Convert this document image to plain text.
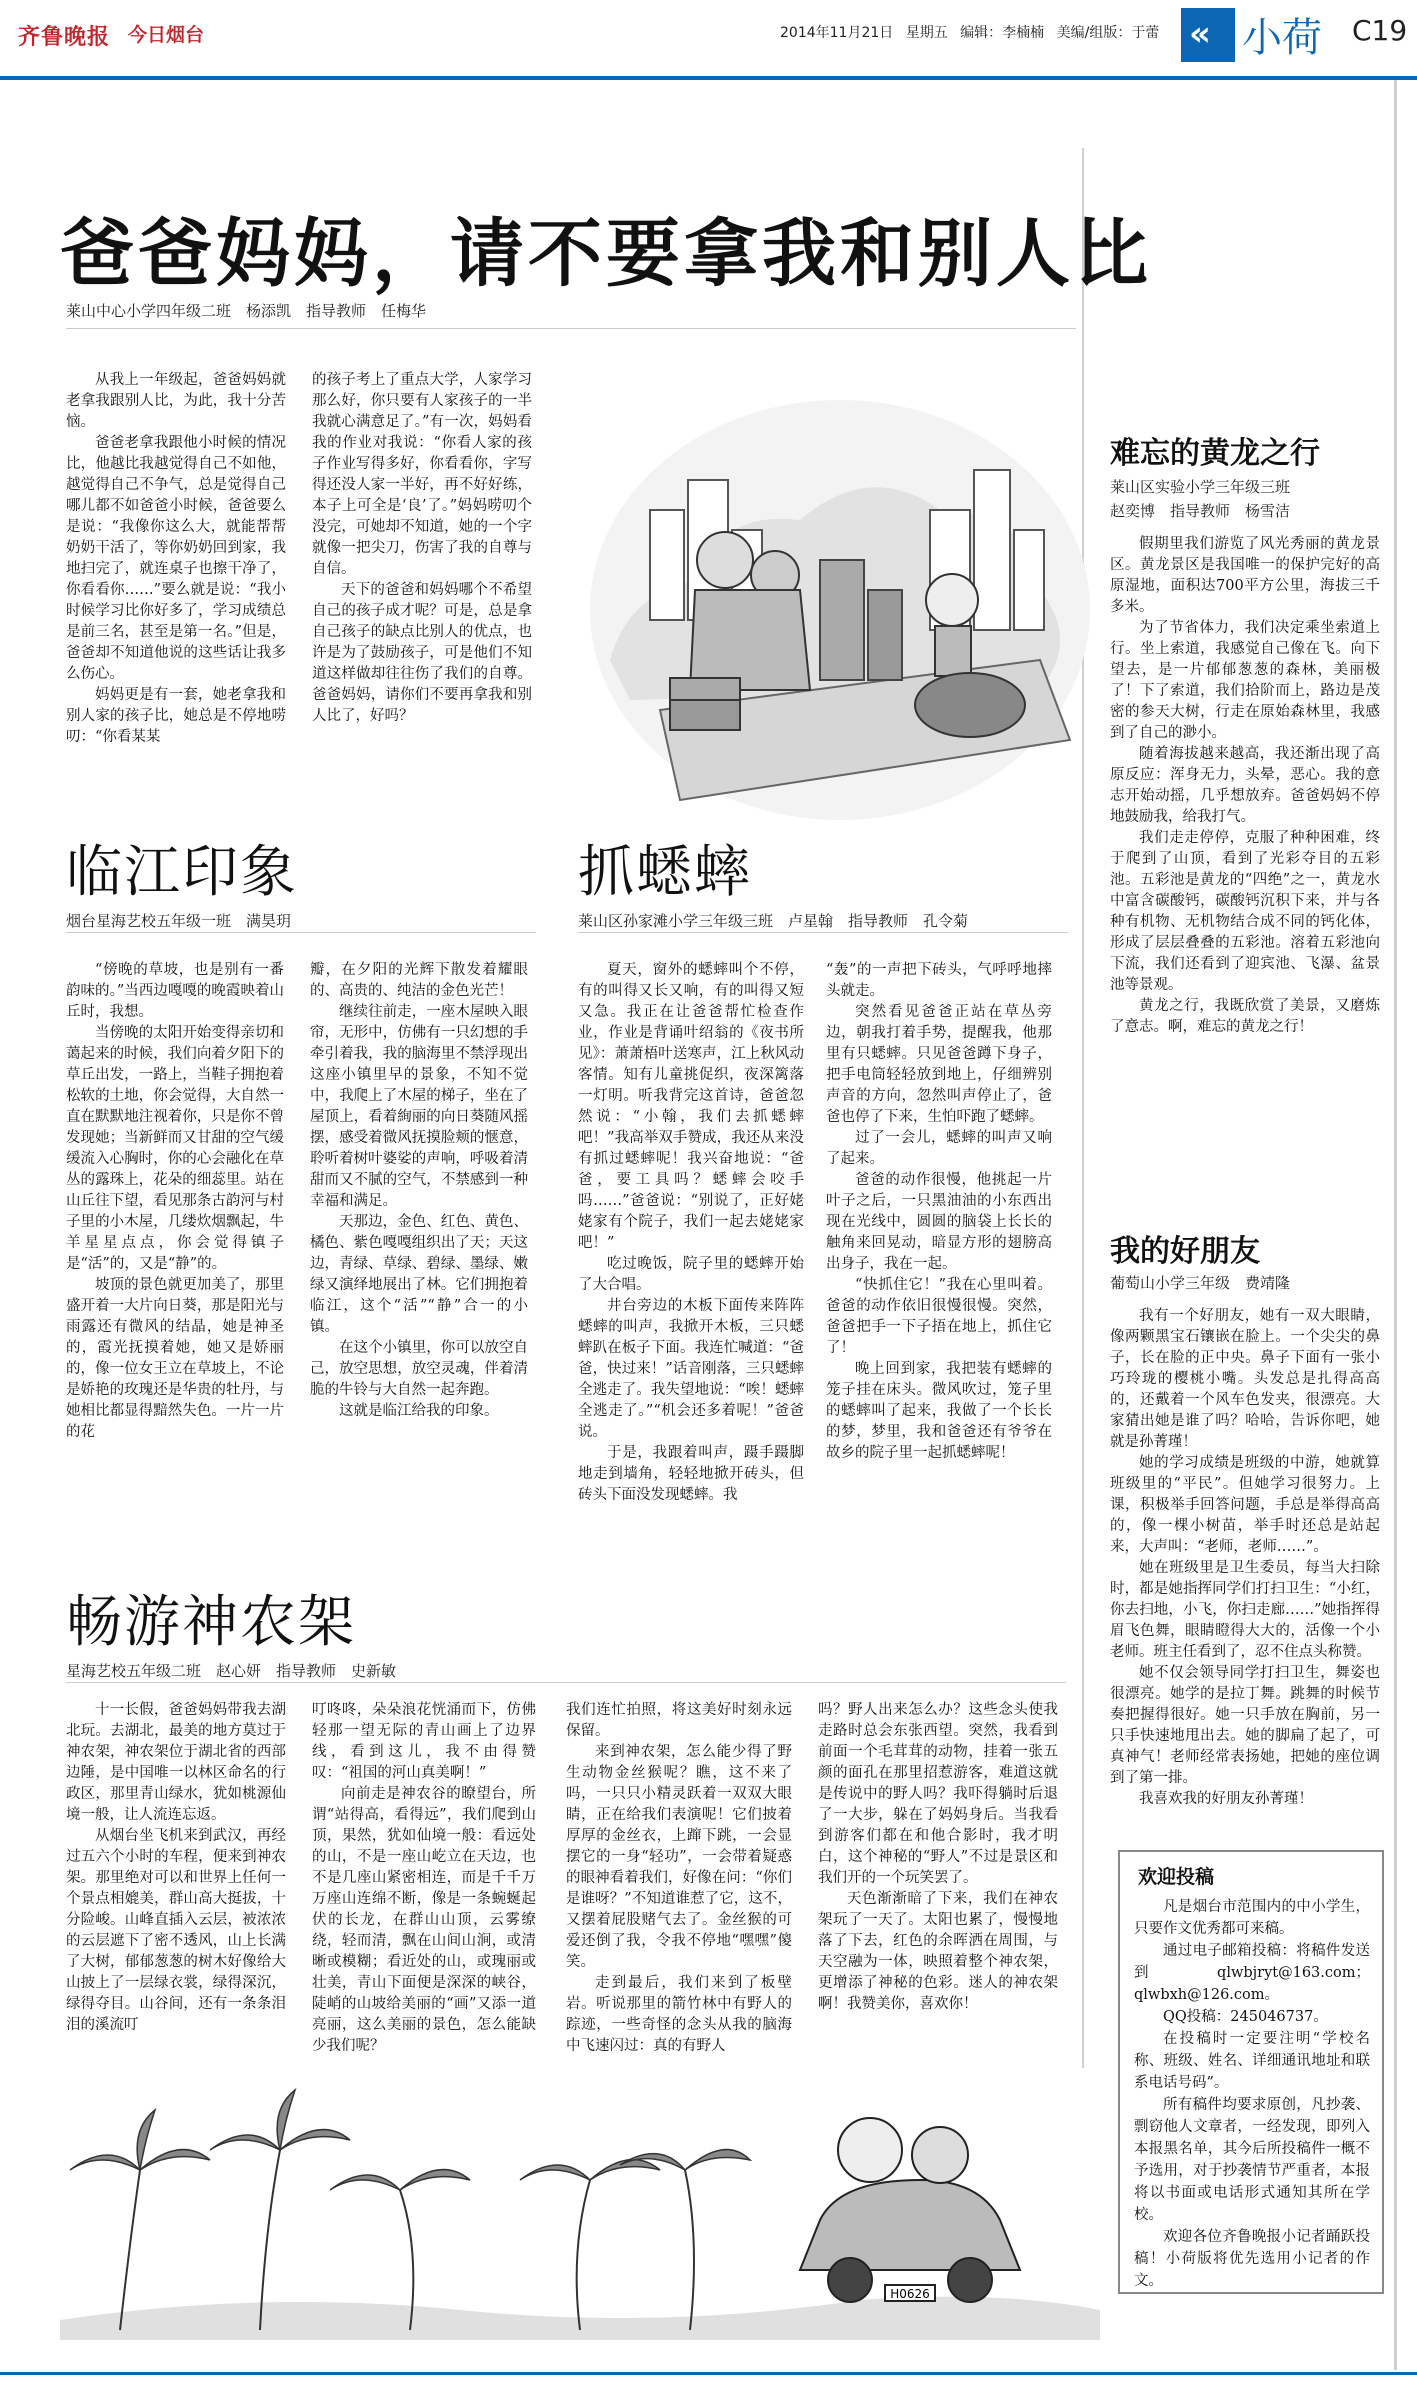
齐鲁晚报 今日烟台	2014年11月21日 星期五 编辑：李楠楠 美编/组版：于蕾 « 小荷 C19
爸爸妈妈，请不要拿我和别人比
莱山中心小学四年级二班　杨添凯　指导教师　任梅华

从我上一年级起，爸爸妈妈就老拿我跟别人比，为此，我十分苦恼。

爸爸老拿我跟他小时候的情况比，他越比我越觉得自己不如他，越觉得自己不争气，总是觉得自己哪儿都不如爸爸小时候，爸爸要么是说：“我像你这么大，就能帮帮奶奶干活了，等你奶奶回到家，我地扫完了，就连桌子也擦干净了，你看看你……”要么就是说：“我小时候学习比你好多了，学习成绩总是前三名，甚至是第一名。”但是，爸爸却不知道他说的这些话让我多么伤心。

妈妈更是有一套，她老拿我和别人家的孩子比，她总是不停地唠叨：“你看某某

的孩子考上了重点大学，人家学习那么好，你只要有人家孩子的一半我就心满意足了。”有一次，妈妈看我的作业对我说：“你看人家的孩子作业写得多好，你看看你，字写得还没人家一半好，再不好好练，本子上可全是‘良’了。”妈妈唠叨个没完，可她却不知道，她的一个字就像一把尖刀，伤害了我的自尊与自信。

天下的爸爸和妈妈哪个不希望自己的孩子成才呢？可是，总是拿自己孩子的缺点比别人的优点，也许是为了鼓励孩子，可是他们不知道这样做却往往伤了我们的自尊。爸爸妈妈，请你们不要再拿我和别人比了，好吗？

临江印象
烟台星海艺校五年级一班　满昊玥

“傍晚的草坡，也是别有一番韵味的。”当西边嘎嘎的晚霞映着山丘时，我想。

当傍晚的太阳开始变得亲切和蔼起来的时候，我们向着夕阳下的草丘出发，一路上，当鞋子拥抱着松软的土地，你会觉得，大自然一直在默默地注视着你，只是你不曾发现她；当新鲜而又甘甜的空气缓缓流入心胸时，你的心会融化在草丛的露珠上，花朵的细蕊里。站在山丘往下望，看见那条古韵河与村子里的小木屋，几缕炊烟飘起，牛羊星星点点，你会觉得镇子是“活”的，又是“静”的。

坡顶的景色就更加美了，那里盛开着一大片向日葵，那是阳光与雨露还有微风的结晶，她是神圣的，霞光抚摸着她，她又是娇丽的，像一位女王立在草坡上，不论是娇艳的玫瑰还是华贵的牡丹，与她相比都显得黯然失色。一片一片的花

瓣，在夕阳的光辉下散发着耀眼的、高贵的、纯洁的金色光芒！

继续往前走，一座木屋映入眼帘，无形中，仿佛有一只幻想的手牵引着我，我的脑海里不禁浮现出这座小镇里早的景象，不知不觉中，我爬上了木屋的梯子，坐在了屋顶上，看着絢丽的向日葵随风摇摆，感受着微风抚摸脸颊的惬意，聆听着树叶婆娑的声响，呼吸着清甜而又不腻的空气，不禁感到一种幸福和满足。

天那边，金色、红色、黄色、橘色、紫色嘎嘎组织出了天；天这边，青绿、草绿、碧绿、墨绿、嫩绿又演绎地展出了林。它们拥抱着临江，这个“活”“静”合一的小镇。

在这个小镇里，你可以放空自己，放空思想，放空灵魂，伴着清脆的牛铃与大自然一起奔跑。

这就是临江给我的印象。

抓蟋蟀
莱山区孙家滩小学三年级三班　卢星翰　指导教师　孔令菊

夏天，窗外的蟋蟀叫个不停，有的叫得又长又响，有的叫得又短又急。我正在让爸爸帮忙检查作业，作业是背诵叶绍翁的《夜书所见》：萧萧梧叶送寒声，江上秋风动客情。知有儿童挑促织，夜深篱落一灯明。听我背完这首诗，爸爸忽然说：“小翰，我们去抓蟋蟀吧！”我高举双手赞成，我还从来没有抓过蟋蟀呢！我兴奋地说：“爸爸，要工具吗？蟋蟀会咬手吗……”爸爸说：“别说了，正好姥姥家有个院子，我们一起去姥姥家吧！”

吃过晚饭，院子里的蟋蟀开始了大合唱。

井台旁边的木板下面传来阵阵蟋蟀的叫声，我掀开木板，三只蟋蟀趴在板子下面。我连忙喊道：“爸爸，快过来！”话音刚落，三只蟋蟀全逃走了。我失望地说：“唉！蟋蟀全逃走了。”“机会还多着呢！”爸爸说。

于是，我跟着叫声，蹑手蹑脚地走到墙角，轻轻地掀开砖头，但砖头下面没发现蟋蟀。我

“轰”的一声把下砖头，气呼呼地摔头就走。

突然看见爸爸正站在草丛旁边，朝我打着手势，提醒我，他那里有只蟋蟀。只见爸爸蹲下身子，把手电筒轻轻放到地上，仔细辨别声音的方向，忽然叫声停止了，爸爸也停了下来，生怕吓跑了蟋蟀。

过了一会儿，蟋蟀的叫声又响了起来。

爸爸的动作很慢，他挑起一片叶子之后，一只黑油油的小东西出现在光线中，圆圆的脑袋上长长的触角来回晃动，暗显方形的翅膀高出身子，我在一起。

“快抓住它！”我在心里叫着。爸爸的动作依旧很慢很慢。突然，爸爸把手一下子捂在地上，抓住它了！

晚上回到家，我把装有蟋蟀的笼子挂在床头。微风吹过，笼子里的蟋蟀叫了起来，我做了一个长长的梦，梦里，我和爸爸还有爷爷在故乡的院子里一起抓蟋蟀呢！

畅游神农架
星海艺校五年级二班　赵心妍　指导教师　史新敏

十一长假，爸爸妈妈带我去湖北玩。去湖北，最美的地方莫过于神农架，神农架位于湖北省的西部边陲，是中国唯一以林区命名的行政区，那里青山绿水，犹如桃源仙境一般，让人流连忘返。

从烟台坐飞机来到武汉，再经过五六个小时的车程，便来到神农架。那里绝对可以和世界上任何一个景点相媲美，群山高大挺拔，十分险峻。山峰直插入云层，被浓浓的云层遮下了密不透风，山上长满了大树，郁郁葱葱的树木好像给大山披上了一层绿衣裳，绿得深沉，绿得夺目。山谷间，还有一条条泪泪的溪流叮

叮咚咚，朵朵浪花恍涌而下，仿佛轻那一望无际的青山画上了边界线，看到这儿，我不由得赞叹：“祖国的河山真美啊！”

向前走是神农谷的瞭望台，所谓“站得高，看得远”，我们爬到山顶，果然，犹如仙境一般：看远处的山，不是一座山屹立在天边，也不是几座山紧密相连，而是千千万万座山连绵不断，像是一条蜿蜒起伏的长龙，在群山山顶，云雾缭绕，轻而清，飘在山间山涧，或清晰或模糊；看近处的山，或瑰丽或壮美，青山下面便是深深的峡谷，陡峭的山坡给美丽的“画”又添一道亮丽，这么美丽的景色，怎么能缺少我们呢？

我们连忙拍照，将这美好时刻永远保留。

来到神农架，怎么能少得了野生动物金丝猴呢？瞧，这不来了吗，一只只小精灵跃着一双双大眼睛，正在给我们表演呢！它们披着厚厚的金丝衣，上蹿下跳，一会显摆它的一身“轻功”，一会带着疑惑的眼神看着我们，好像在问：“你们是谁呀？”不知道谁惹了它，这不，又摆着屁股赌气去了。金丝猴的可爱还倒了我，令我不停地“嘿嘿”傻笑。

走到最后，我们来到了板壁岩。听说那里的箭竹林中有野人的踪迹，一些奇怪的念头从我的脑海中飞速闪过：真的有野人

吗？野人出来怎么办？这些念头使我走路时总会东张西望。突然，我看到前面一个毛茸茸的动物，挂着一张五颜的面孔在那里招惹游客，难道这就是传说中的野人吗？我吓得躺时后退了一大步，躲在了妈妈身后。当我看到游客们都在和他合影时，我才明白，这个神秘的“野人”不过是景区和我们开的一个玩笑罢了。

天色渐渐暗了下来，我们在神农架玩了一天了。太阳也累了，慢慢地落了下去，红色的余晖洒在周围，与天空融为一体，映照着整个神农架，更增添了神秘的色彩。迷人的神农架啊！我赞美你，喜欢你！

H0626
难忘的黄龙之行
莱山区实验小学三年级三班
赵奕博　指导教师　杨雪洁

假期里我们游览了风光秀丽的黄龙景区。黄龙景区是我国唯一的保护完好的高原湿地，面积达700平方公里，海拔三千多米。

为了节省体力，我们决定乘坐索道上行。坐上索道，我感觉自己像在飞。向下望去，是一片郁郁葱葱的森林，美丽极了！下了索道，我们拾阶而上，路边是茂密的参天大树，行走在原始森林里，我感到了自己的渺小。

随着海拔越来越高，我还渐出现了高原反应：浑身无力，头晕，恶心。我的意志开始动摇，几乎想放弃。爸爸妈妈不停地鼓励我，给我打气。

我们走走停停，克服了种种困难，终于爬到了山顶，看到了光彩夺目的五彩池。五彩池是黄龙的“四绝”之一，黄龙水中富含碳酸钙，碳酸钙沉积下来，并与各种有机物、无机物结合成不同的钙化体，形成了层层叠叠的五彩池。溶着五彩池向下流，我们还看到了迎宾池、飞瀑、盆景池等景观。

黄龙之行，我既欣赏了美景，又磨炼了意志。啊，难忘的黄龙之行！

我的好朋友
葡萄山小学三年级　费靖隆

我有一个好朋友，她有一双大眼睛，像两颗黑宝石镶嵌在脸上。一个尖尖的鼻子，长在脸的正中央。鼻子下面有一张小巧玲珑的樱桃小嘴。头发总是扎得高高的，还戴着一个风车色发夹，很漂亮。大家猜出她是谁了吗？哈哈，告诉你吧，她就是孙菁瑾！

她的学习成绩是班级的中游，她就算班级里的“平民”。但她学习很努力。上课，积极举手回答问题，手总是举得高高的，像一棵小树苗，举手时还总是站起来，大声叫：“老师，老师……”。

她在班级里是卫生委员，每当大扫除时，都是她指挥同学们打扫卫生：“小红，你去扫地，小飞，你扫走廊……”她指挥得眉飞色舞，眼睛瞪得大大的，活像一个小老师。班主任看到了，忍不住点头称赞。

她不仅会领导同学打扫卫生，舞姿也很漂亮。她学的是拉丁舞。跳舞的时候节奏把握得很好。她一只手放在胸前，另一只手快速地甩出去。她的脚扁了起了，可真神气！老师经常表扬她，把她的座位调到了第一排。

我喜欢我的好朋友孙菁瑾！

欢迎投稿

凡是烟台市范围内的中小学生，只要作文优秀都可来稿。

通过电子邮箱投稿：将稿件发送到qlwbjryt@163.com；qlwbxh@126.com。

QQ投稿：245046737。

在投稿时一定要注明“学校名称、班级、姓名、详细通讯地址和联系电话号码”。

所有稿件均要求原创，凡抄袭、剽窃他人文章者，一经发现，即列入本报黑名单，其今后所投稿件一概不予选用，对于抄袭情节严重者，本报将以书面或电话形式通知其所在学校。

欢迎各位齐鲁晚报小记者踊跃投稿！小荷版将优先选用小记者的作文。
